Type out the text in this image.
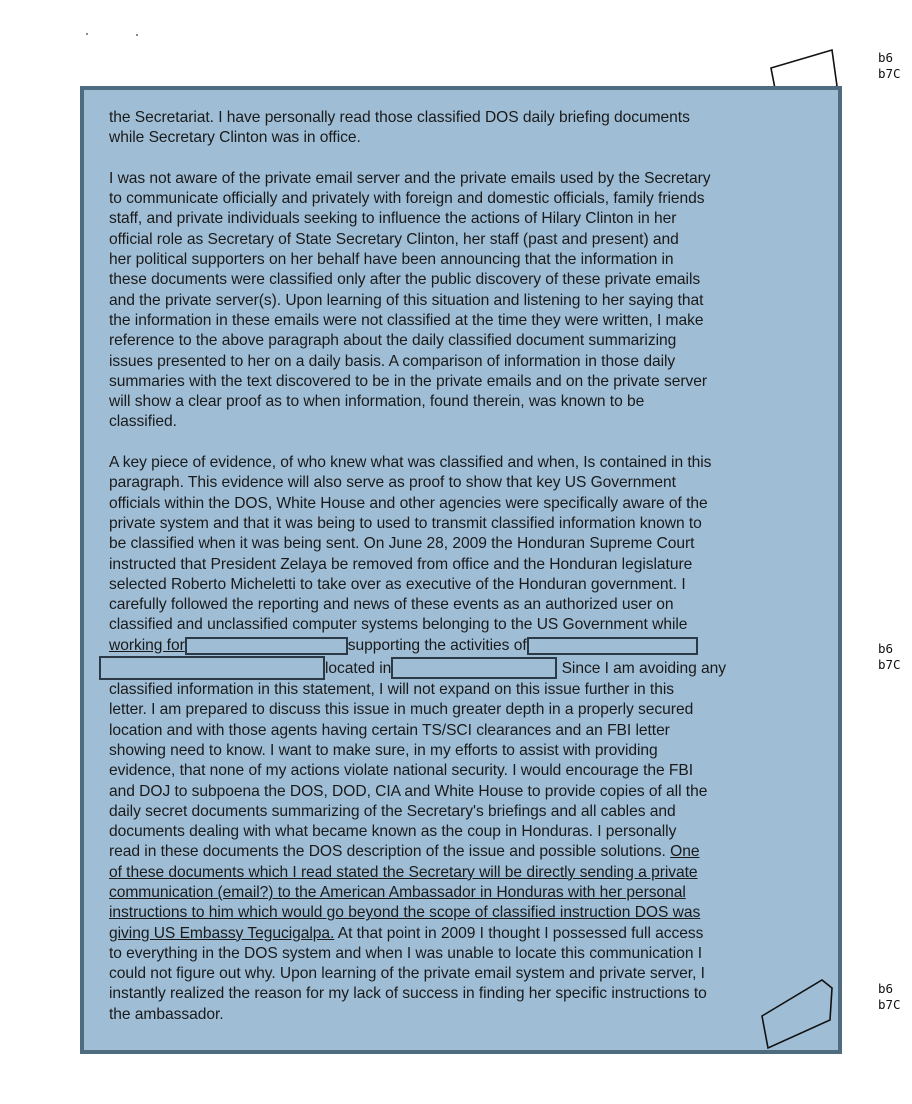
b6
b7C
the Secretariat. I have personally read those classified DOS daily briefing documents
while Secretary Clinton was in office.
I was not aware of the private email server and the private emails used by the Secretary
to communicate officially and privately with foreign and domestic officials, family friends
staff, and private individuals seeking to influence the actions of Hilary Clinton in her
official role as Secretary of State Secretary Clinton, her staff (past and present) and
her political supporters on her behalf have been announcing that the information in
these documents were classified only after the public discovery of these private emails
and the private server(s). Upon learning of this situation and listening to her saying that
the information in these emails were not classified at the time they were written, I make
reference to the above paragraph about the daily classified document summarizing
issues presented to her on a daily basis. A comparison of information in those daily
summaries with the text discovered to be in the private emails and on the private server
will show a clear proof as to when information, found therein, was known to be
classified.
A key piece of evidence, of who knew what was classified and when, Is contained in this
paragraph. This evidence will also serve as proof to show that key US Government
officials within the DOS, White House and other agencies were specifically aware of the
private system and that it was being to used to transmit classified information known to
be classified when it was being sent. On June 28, 2009 the Honduran Supreme Court
instructed that President Zelaya be removed from office and the Honduran legislature
selected Roberto Micheletti to take over as executive of the Honduran government. I
carefully followed the reporting and news of these events as an authorized user on
classified and unclassified computer systems belonging to the US Government while
working for	supporting the activities of
located in	Since I am avoiding any
classified information in this statement, I will not expand on this issue further in this
letter. I am prepared to discuss this issue in much greater depth in a properly secured
location and with those agents having certain TS/SCI clearances and an FBI letter
showing need to know. I want to make sure, in my efforts to assist with providing
evidence, that none of my actions violate national security. I would encourage the FBI
and DOJ to subpoena the DOS, DOD, CIA and White House to provide copies of all the
daily secret documents summarizing of the Secretary's briefings and all cables and
documents dealing with what became known as the coup in Honduras. I personally
read in these documents the DOS description of the issue and possible solutions. One
of these documents which I read stated the Secretary will be directly sending a private
communication (email?) to the American Ambassador in Honduras with her personal
instructions to him which would go beyond the scope of classified instruction DOS was
giving US Embassy Tegucigalpa. At that point in 2009 I thought I possessed full access
to everything in the DOS system and when I was unable to locate this communication I
could not figure out why. Upon learning of the private email system and private server, I
instantly realized the reason for my lack of success in finding her specific instructions to
the ambassador.
b6
b7C
b6
b7C
